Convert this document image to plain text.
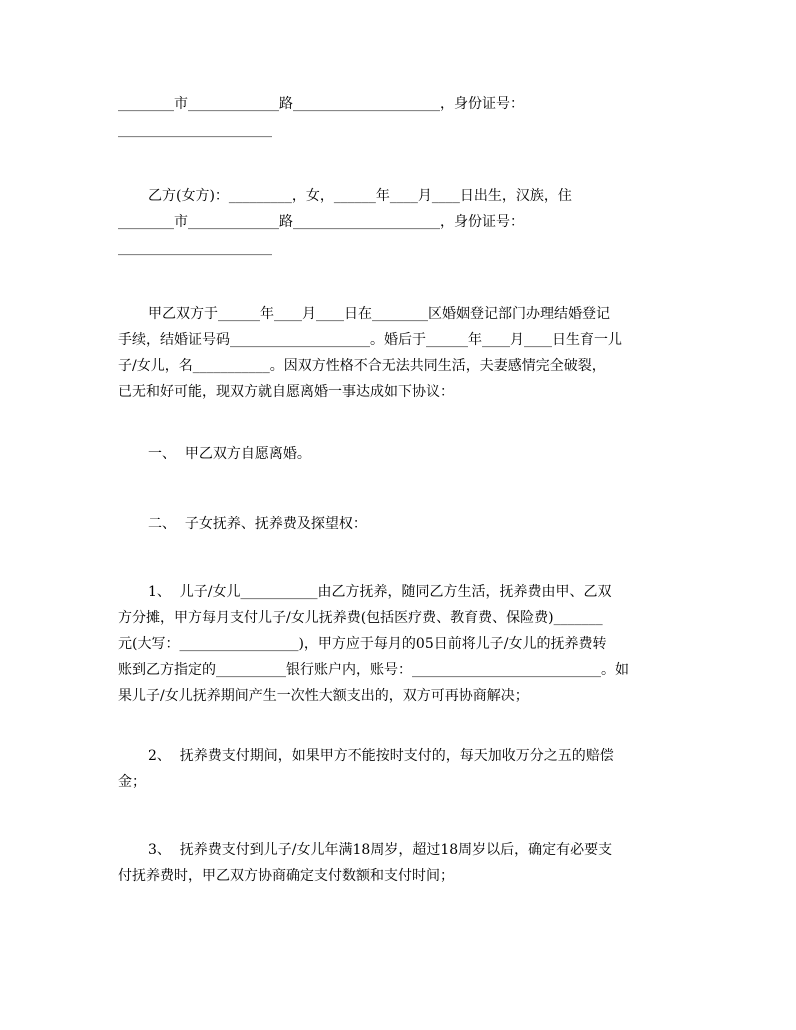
________市_____________路_____________________，身份证号：
______________________
乙方(女方)：_________，女，______年____月____日出生，汉族，住
________市_____________路_____________________，身份证号：
______________________
甲乙双方于______年____月____日在________区婚姻登记部门办理结婚登记
手续，结婚证号码____________________。婚后于______年____月____日生育一儿
子/女儿，名___________。因双方性格不合无法共同生活，夫妻感情完全破裂，
已无和好可能，现双方就自愿离婚一事达成如下协议：
一、  甲乙双方自愿离婚。
二、  子女抚养、抚养费及探望权：
1、  儿子/女儿___________由乙方抚养，随同乙方生活，抚养费由甲、乙双
方分摊，甲方每月支付儿子/女儿抚养费(包括医疗费、教育费、保险费)_______
元(大写：_________________)，甲方应于每月的05日前将儿子/女儿的抚养费转
账到乙方指定的__________银行账户内，账号：___________________________。如
果儿子/女儿抚养期间产生一次性大额支出的，双方可再协商解决；
2、  抚养费支付期间，如果甲方不能按时支付的，每天加收万分之五的赔偿
金；
3、  抚养费支付到儿子/女儿年满18周岁，超过18周岁以后，确定有必要支
付抚养费时，甲乙双方协商确定支付数额和支付时间；
